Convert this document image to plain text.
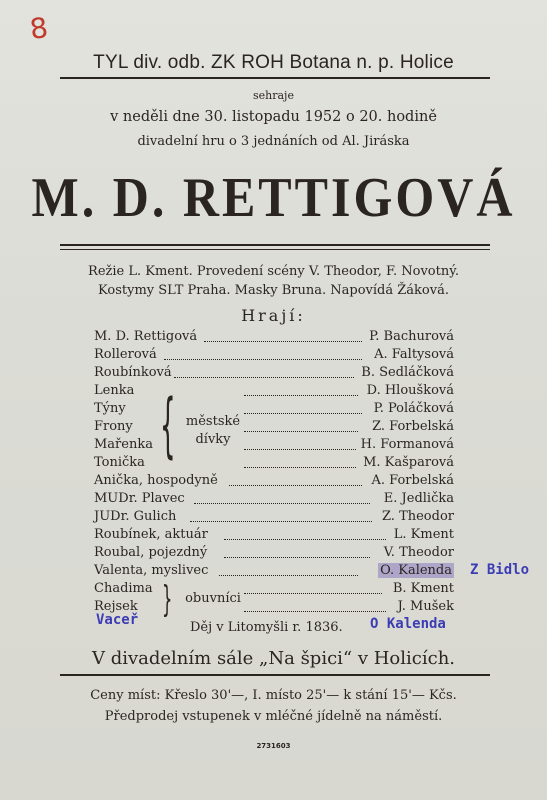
8
TYL div. odb. ZK ROH Botana n. p. Holice
sehraje
v neděli dne 30. listopadu 1952 o 20. hodině
divadelní hru o 3 jednáních od Al. Jiráska
M. D. RETTIGOVÁ
Režie L. Kment. Provedení scény V. Theodor, F. Novotný.
Kostymy SLT Praha. Masky Bruna. Napovídá Žáková.
Hrají:
M. D. Rettigová	P. Bachurová
Rollerová	A. Faltysová
Roubínková	B. Sedláčková
Lenka	D. Hloušková
Týny	P. Poláčková
Frony	Z. Forbelská
Mařenka	H. Formanová
Tonička	M. Kašparová
Anička, hospodyně	A. Forbelská
MUDr. Plavec	E. Jedlička
JUDr. Gulich	Z. Theodor
Roubínek, aktuár	L. Kment
Roubal, pojezdný	V. Theodor
Valenta, myslivec	O. Kalenda
Chadima	B. Kment
Rejsek	J. Mušek
{ městské
dívky
} obuvníci
Z Bidlo
Vaceř	O Kalenda
Děj v Litomyšli r. 1836.
V divadelním sále „Na špici“ v Holicích.
Ceny míst: Křeslo 30'—, I. místo 25'— k stání 15'— Kčs.
Předprodej vstupenek v mléčné jídelně na náměstí.
2731603
